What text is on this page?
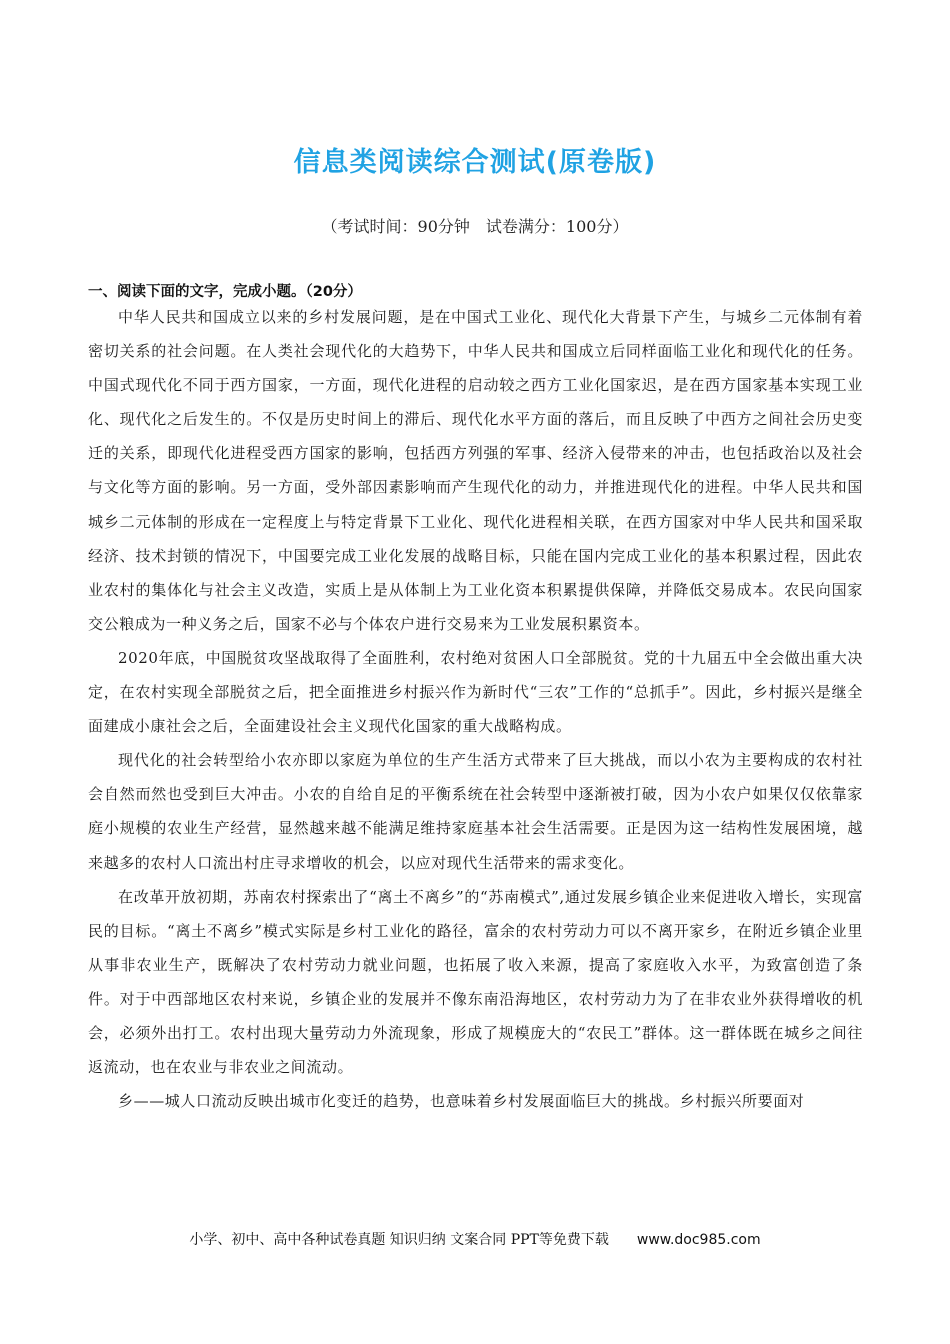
信息类阅读综合测试(原卷版)
（考试时间：90分钟　试卷满分：100分）
一、阅读下面的文字，完成小题。（20分）

中华人民共和国成立以来的乡村发展问题，是在中国式工业化、现代化大背景下产生，与城乡二元体制有着密切关系的社会问题。在人类社会现代化的大趋势下，中华人民共和国成立后同样面临工业化和现代化的任务。中国式现代化不同于西方国家，一方面，现代化进程的启动较之西方工业化国家迟，是在西方国家基本实现工业化、现代化之后发生的。不仅是历史时间上的滞后、现代化水平方面的落后，而且反映了中西方之间社会历史变迁的关系，即现代化进程受西方国家的影响，包括西方列强的军事、经济入侵带来的冲击，也包括政治以及社会与文化等方面的影响。另一方面，受外部因素影响而产生现代化的动力，并推进现代化的进程。中华人民共和国城乡二元体制的形成在一定程度上与特定背景下工业化、现代化进程相关联，在西方国家对中华人民共和国采取经济、技术封锁的情况下，中国要完成工业化发展的战略目标，只能在国内完成工业化的基本积累过程，因此农业农村的集体化与社会主义改造，实质上是从体制上为工业化资本积累提供保障，并降低交易成本。农民向国家交公粮成为一种义务之后，国家不必与个体农户进行交易来为工业发展积累资本。

2020年底，中国脱贫攻坚战取得了全面胜利，农村绝对贫困人口全部脱贫。党的十九届五中全会做出重大决定，在农村实现全部脱贫之后，把全面推进乡村振兴作为新时代“三农”工作的“总抓手”。因此，乡村振兴是继全面建成小康社会之后，全面建设社会主义现代化国家的重大战略构成。

现代化的社会转型给小农亦即以家庭为单位的生产生活方式带来了巨大挑战，而以小农为主要构成的农村社会自然而然也受到巨大冲击。小农的自给自足的平衡系统在社会转型中逐渐被打破，因为小农户如果仅仅依靠家庭小规模的农业生产经营，显然越来越不能满足维持家庭基本社会生活需要。正是因为这一结构性发展困境，越来越多的农村人口流出村庄寻求增收的机会，以应对现代生活带来的需求变化。

在改革开放初期，苏南农村探索出了“离土不离乡”的“苏南模式”,通过发展乡镇企业来促进收入增长，实现富民的目标。“离土不离乡”模式实际是乡村工业化的路径，富余的农村劳动力可以不离开家乡，在附近乡镇企业里从事非农业生产，既解决了农村劳动力就业问题，也拓展了收入来源，提高了家庭收入水平，为致富创造了条件。对于中西部地区农村来说，乡镇企业的发展并不像东南沿海地区，农村劳动力为了在非农业外获得增收的机会，必须外出打工。农村出现大量劳动力外流现象，形成了规模庞大的“农民工”群体。这一群体既在城乡之间往返流动，也在农业与非农业之间流动。

乡——城人口流动反映出城市化变迁的趋势，也意味着乡村发展面临巨大的挑战。乡村振兴所要面对

小学、初中、高中各种试卷真题 知识归纳 文案合同 PPT等免费下载 www.doc985.com
